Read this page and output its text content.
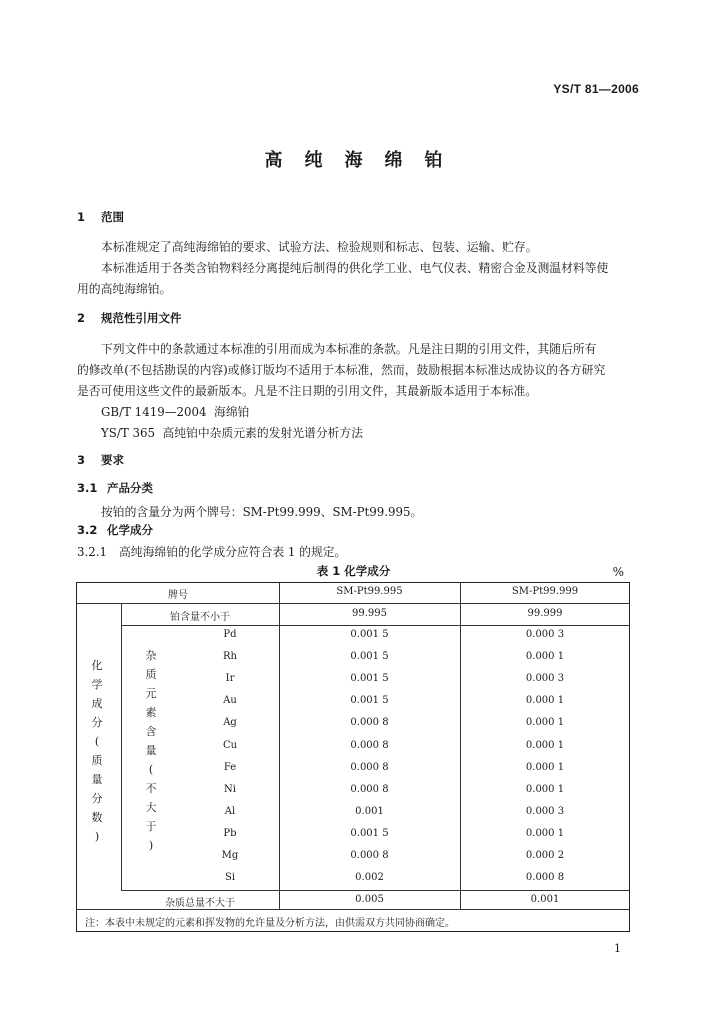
YS/T 81—2006
高纯海绵铂
1 范围
本标准规定了高纯海绵铂的要求、试验方法、检验规则和标志、包装、运输、贮存。
本标准适用于各类含铂物料经分离提纯后制得的供化学工业、电气仪表、精密合金及测温材料等使
用的高纯海绵铂。
2 规范性引用文件
下列文件中的条款通过本标准的引用而成为本标准的条款。凡是注日期的引用文件，其随后所有
的修改单(不包括勘误的内容)或修订版均不适用于本标准，然而，鼓励根据本标准达成协议的各方研究
是否可使用这些文件的最新版本。凡是不注日期的引用文件，其最新版本适用于本标准。
GB/T 1419—2004  海绵铂
YS/T 365  高纯铂中杂质元素的发射光谱分析方法
3 要求
3.1 产品分类
按铂的含量分为两个牌号：SM-Pt99.999、SM-Pt99.995。
3.2 化学成分
3.2.1 高纯海绵铂的化学成分应符合表 1 的规定。
表 1 化学成分	%
牌号	SM-Pt99.995	SM-Pt99.999
铂含量不小于	99.995	99.999
化
学
成
分
(
质
量
分
数
)
杂
质
元
素
含
量
(
不
大
于
)
Pd	0.001 5	0.000 3
Rh	0.001 5	0.000 1
Ir	0.001 5	0.000 3
Au	0.001 5	0.000 1
Ag	0.000 8	0.000 1
Cu	0.000 8	0.000 1
Fe	0.000 8	0.000 1
Ni	0.000 8	0.000 1
Al	0.001	0.000 3
Pb	0.001 5	0.000 1
Mg	0.000 8	0.000 2
Si	0.002	0.000 8
杂质总量不大于	0.005	0.001
注：本表中未规定的元素和挥发物的允许量及分析方法，由供需双方共同协商确定。
1
